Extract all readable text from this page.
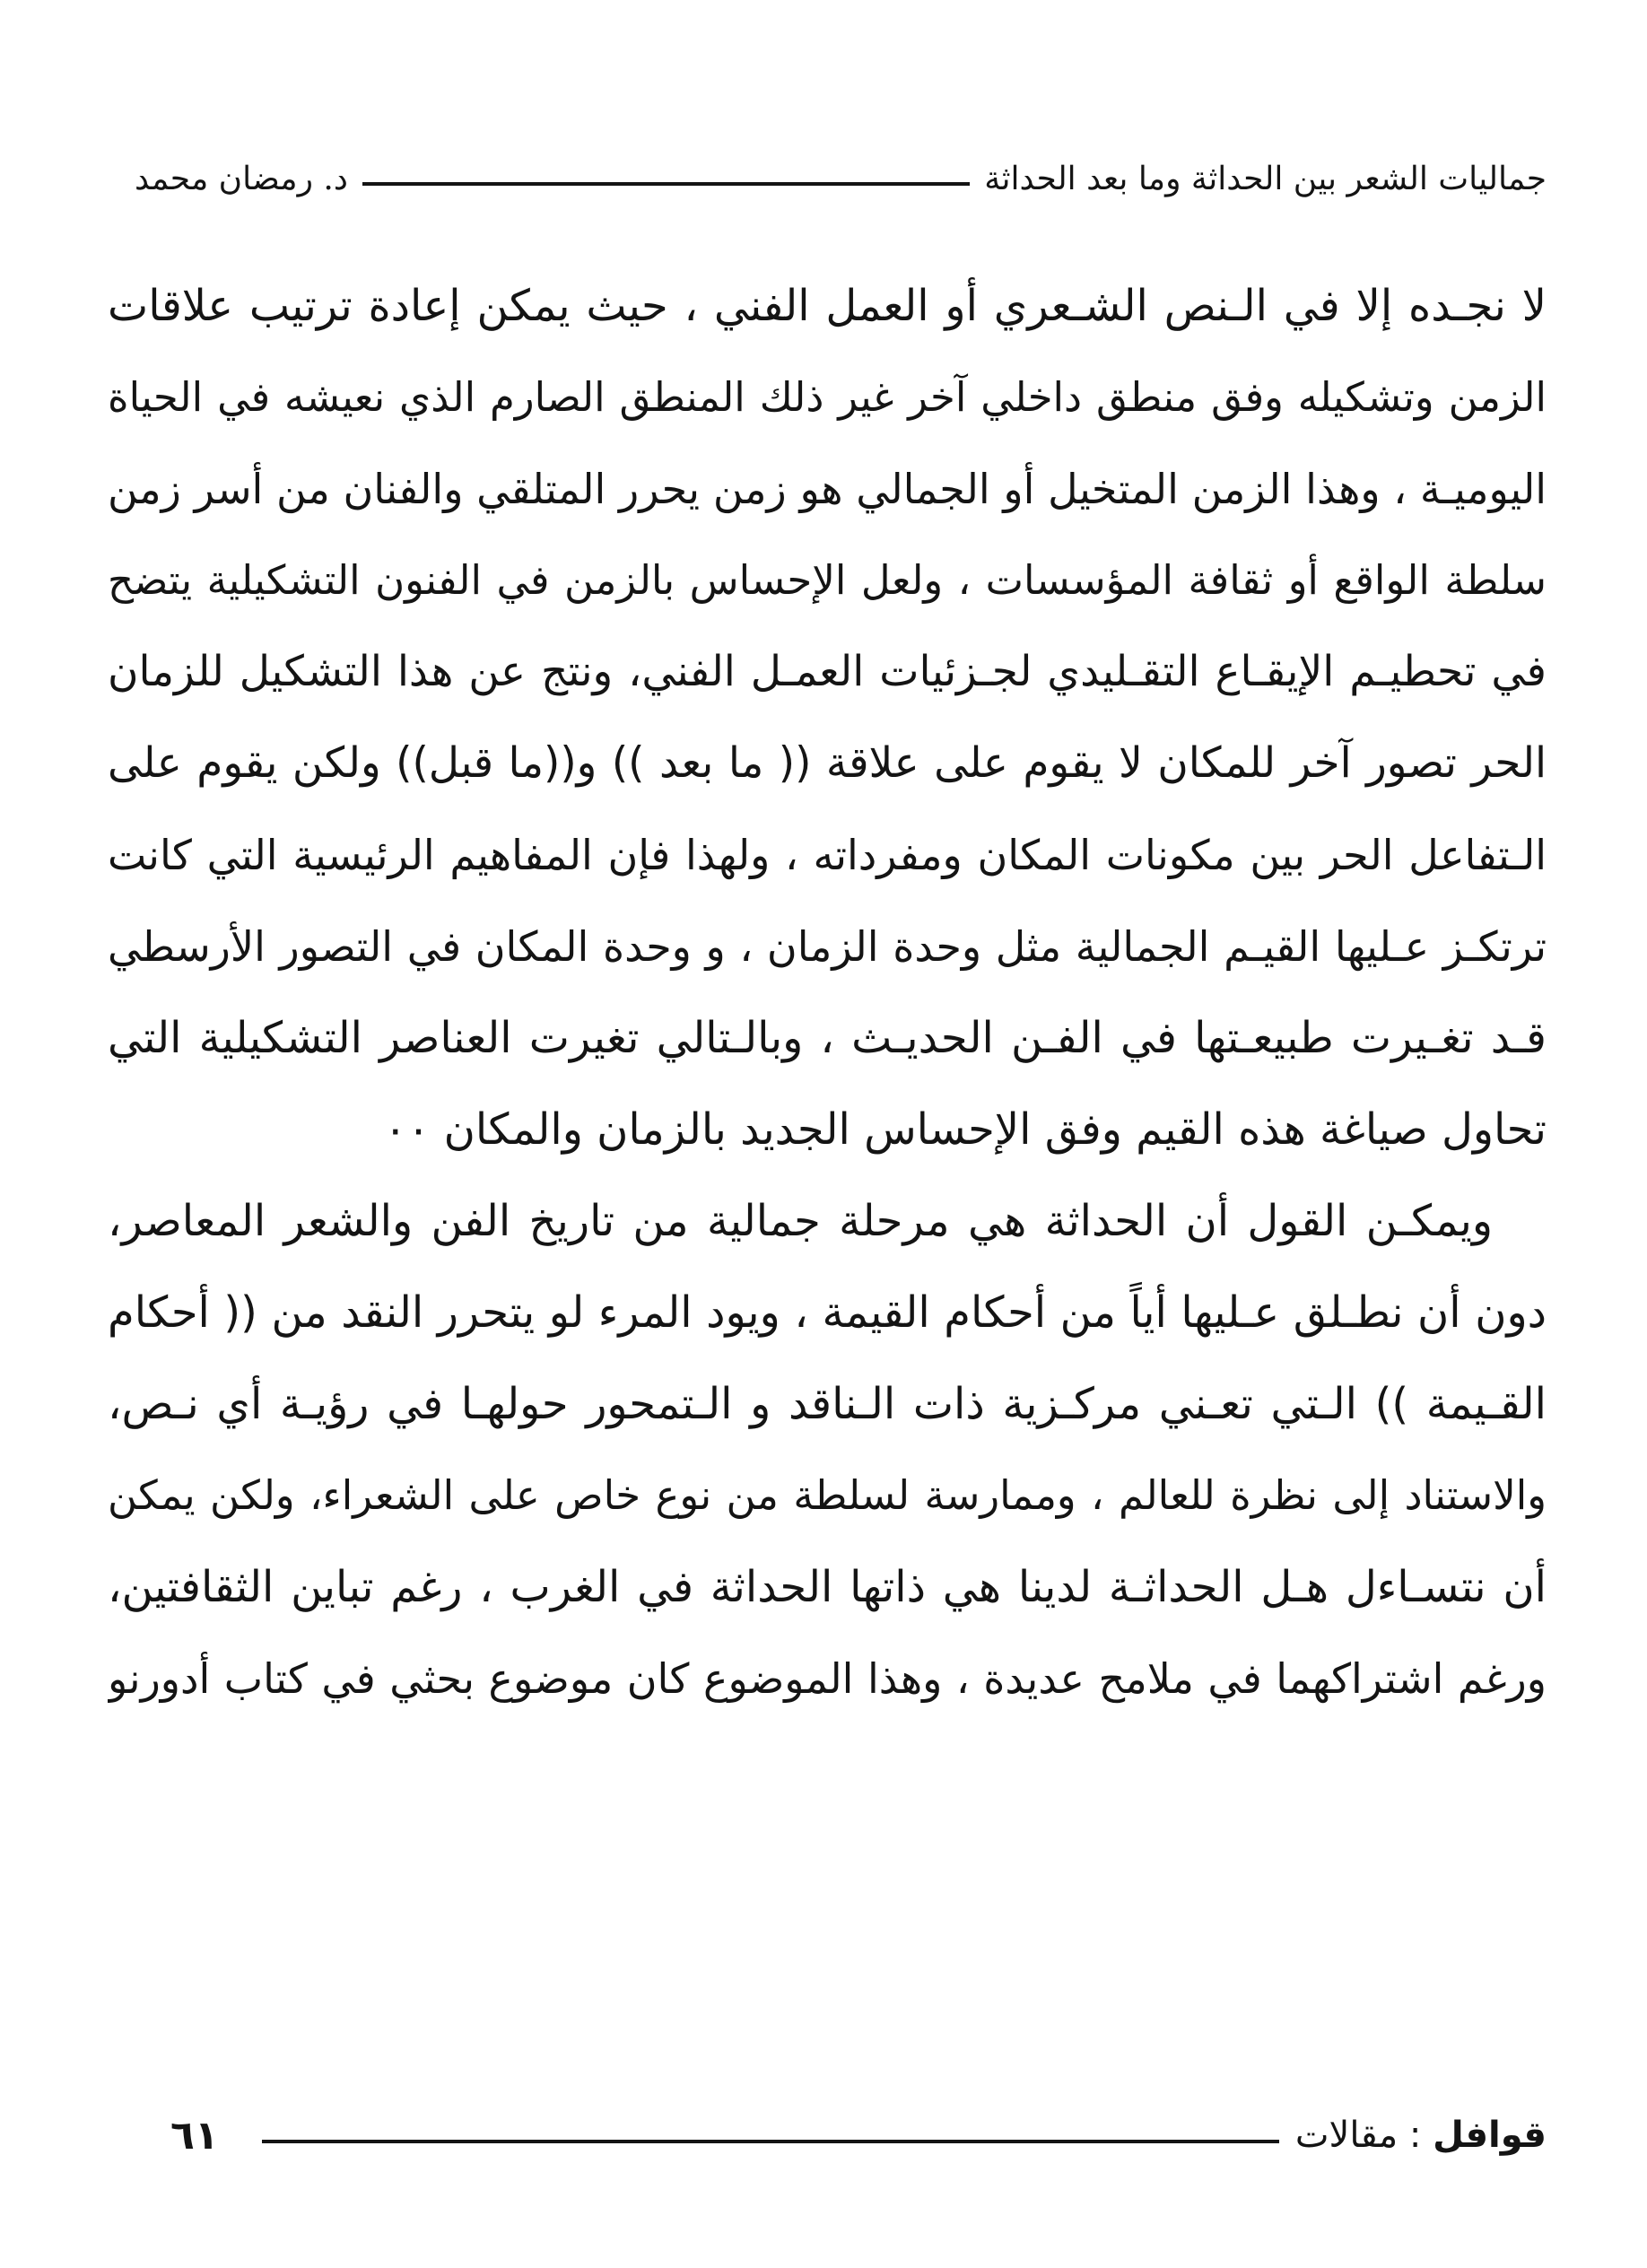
جماليات الشعر بين الحداثة وما بعد الحداثة
د. رمضان محمد
لا نجـده إلا في الـنص الشـعري أو العمل الفني ، حيث يمكن إعادة ترتيب علاقات
الزمن وتشكيله وفق منطق داخلي آخر غير ذلك المنطق الصارم الذي نعيشه في الحياة
اليوميـة ، وهذا الزمن المتخيل أو الجمالي هو زمن يحرر المتلقي والفنان من أسر زمن
سلطة الواقع أو ثقافة المؤسسات ، ولعل الإحساس بالزمن في الفنون التشكيلية يتضح
في تحطيـم الإيقـاع التقـليدي لجـزئيات العمـل الفني، ونتج عن هذا التشكيل للزمان
الحر تصور آخر للمكان لا يقوم على علاقة (( ما بعد )) و((ما قبل)) ولكن يقوم على
الـتفاعل الحر بين مكونات المكان ومفرداته ، ولهذا فإن المفاهيم الرئيسية التي كانت
ترتكـز عـليها القيـم الجمالية مثل وحدة الزمان ، و وحدة المكان في التصور الأرسطي
قـد تغـيرت طبيعـتها في الفـن الحديـث ، وبالـتالي تغيرت العناصر التشكيلية التي
تحاول صياغة هذه القيم وفق الإحساس الجديد بالزمان والمكان ٠٠
ويمكـن القول أن الحداثة هي مرحلة جمالية من تاريخ الفن والشعر المعاصر،
دون أن نطـلق عـليها أياً من أحكام القيمة ، ويود المرء لو يتحرر النقد من (( أحكام
القـيمة )) الـتي تعـني مركـزية ذات الـناقد و الـتمحور حولهـا في رؤيـة أي نـص،
والاستناد إلى نظرة للعالم ، وممارسة لسلطة من نوع خاص على الشعراء، ولكن يمكن
أن نتسـاءل هـل الحداثـة لدينا هي ذاتها الحداثة في الغرب ، رغم تباين الثقافتين،
ورغم اشتراكهما في ملامح عديدة ، وهذا الموضوع كان موضوع بحثي في كتاب أدورنو
قوافل : مقالات
٦١
